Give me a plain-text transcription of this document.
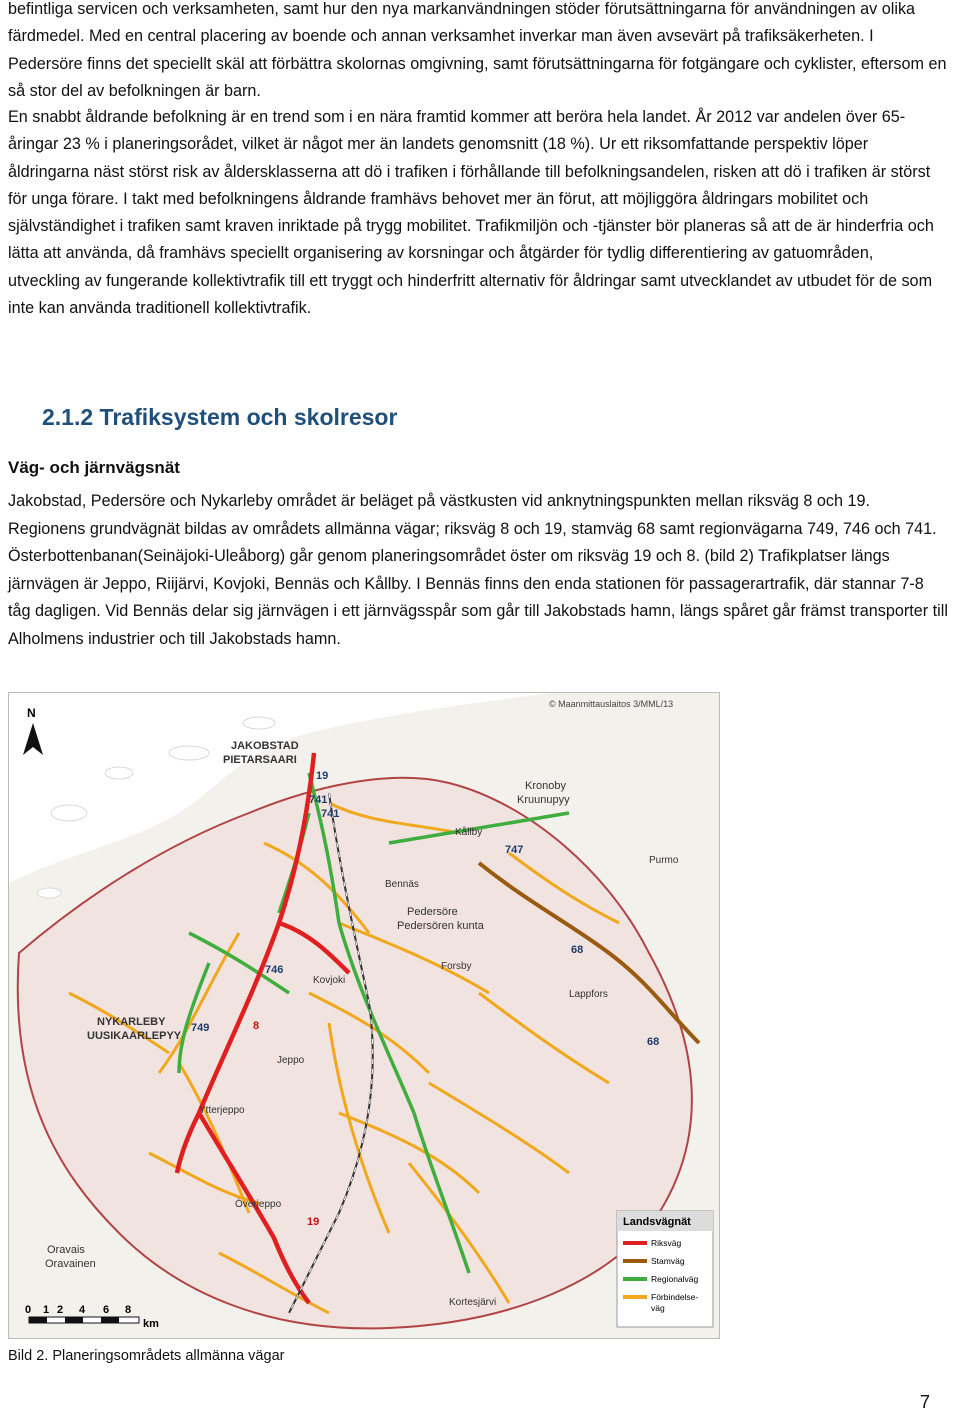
befintliga servicen och verksamheten, samt hur den nya markanvändningen stöder förutsättningarna för användningen av olika färdmedel. Med en central placering av boende och annan verksamhet inverkar man även avsevärt på trafiksäkerheten. I Pedersöre finns det speciellt skäl att förbättra skolornas omgivning, samt förutsättningarna för fotgängare och cyklister, eftersom en så stor del av befolkningen är barn.

En snabbt åldrande befolkning är en trend som i en nära framtid kommer att beröra hela landet. År 2012 var andelen över 65- åringar 23 % i planeringsorådet, vilket är något mer än landets genomsnitt (18 %). Ur ett riksomfattande perspektiv löper åldringarna näst störst risk av åldersklasserna att dö i trafiken i förhållande till befolkningsandelen, risken att dö i trafiken är störst för unga förare. I takt med befolkningens åldrande framhävs behovet mer än förut, att möjliggöra åldringars mobilitet och självständighet i trafiken samt kraven inriktade på trygg mobilitet. Trafikmiljön och -tjänster bör planeras så att de är hinderfria och lätta att använda, då framhävs speciellt organisering av korsningar och åtgärder för tydlig differentiering av gatuområden, utveckling av fungerande kollektivtrafik till ett tryggt och hinderfritt alternativ för åldringar samt utvecklandet av utbudet för de som inte kan använda traditionell kollektivtrafik.

2.1.2 Trafiksystem och skolresor
Väg- och järnvägsnät

Jakobstad, Pedersöre och Nykarleby området är beläget på västkusten vid anknytningspunkten mellan riksväg 8 och 19. Regionens grundvägnät bildas av områdets allmänna vägar; riksväg 8 och 19, stamväg 68 samt regionvägarna 749, 746 och 741. Österbottenbanan(Seinäjoki-Uleåborg) går genom planeringsområdet öster om riksväg 19 och 8. (bild 2) Trafikplatser längs järnvägen är Jeppo, Riijärvi, Kovjoki, Bennäs och Kållby. I Bennäs finns den enda stationen för passagerartrafik, där stannar 7-8 tåg dagligen. Vid Bennäs delar sig järnvägen i ett järnvägsspår som går till Jakobstads hamn, längs spåret går främst transporter till Alholmens industrier och till Jakobstads hamn.

N
© Maanmittauslaitos 3/MML/13
JAKOBSTAD
PIETARSAARI
Kronoby
Kruunupyy
Kållby
Bennäs
Pedersöre
Pedersören kunta
NYKARLEBY
UUSIKAARLEPYY
Jeppo
Kovjoki
Forsby
Lappfors
Ytterjeppo
Överjeppo
Oravais
Oravainen
Kortesjärvi
Purmo
19
741
741
747
68
68
746
749	8
19
0 1 2 4 6 8
km
Landsvägnät
Riksväg
Stamväg
Regionalväg
Förbindelse-
väg

Bild 2. Planeringsområdets allmänna vägar

7
